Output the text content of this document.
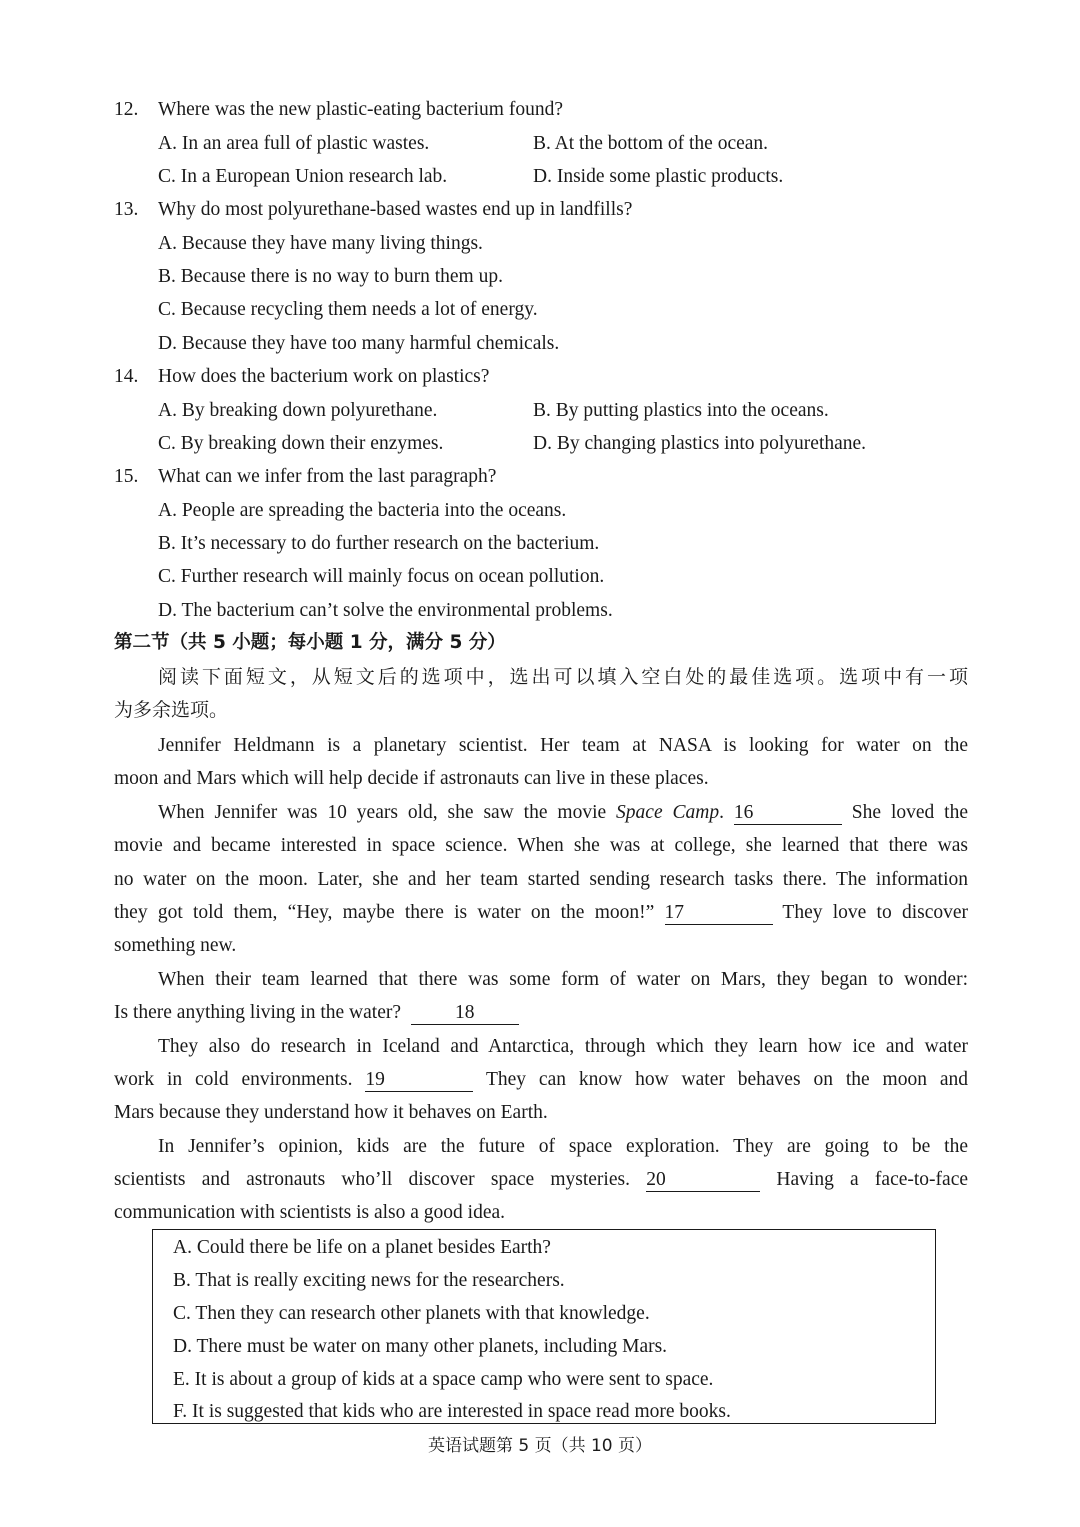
12. Where was the new plastic-eating bacterium found?
A. In an area full of plastic wastes.	B. At the bottom of the ocean.
C. In a European Union research lab.	D. Inside some plastic products.
13. Why do most polyurethane-based wastes end up in landfills?
A. Because they have many living things.
B. Because there is no way to burn them up.
C. Because recycling them needs a lot of energy.
D. Because they have too many harmful chemicals.
14. How does the bacterium work on plastics?
A. By breaking down polyurethane.	B. By putting plastics into the oceans.
C. By breaking down their enzymes.	D. By changing plastics into polyurethane.
15. What can we infer from the last paragraph?
A. People are spreading the bacteria into the oceans.
B. It’s necessary to do further research on the bacterium.
C. Further research will mainly focus on ocean pollution.
D. The bacterium can’t solve the environmental problems.
第二节（共 5 小题；每小题 1 分，满分 5 分）
阅读下面短文，从短文后的选项中，选出可以填入空白处的最佳选项。选项中有一项
为多余选项。
Jennifer Heldmann is a planetary scientist. Her team at NASA is looking for water on the
moon and Mars which will help decide if astronauts can live in these places.
When Jennifer was 10 years old, she saw the movie Space Camp. 16	She loved the
movie and became interested in space science. When she was at college, she learned that there was
no water on the moon. Later, she and her team started sending research tasks there. The information
they got told them, “Hey, maybe there is water on the moon!” 17	They love to discover
something new.
When their team learned that there was some form of water on Mars, they began to wonder:
Is there anything living in the water?	18
They also do research in Iceland and Antarctica, through which they learn how ice and water
work in cold environments. 19	They can know how water behaves on the moon and
Mars because they understand how it behaves on Earth.
In Jennifer’s opinion, kids are the future of space exploration. They are going to be the
scientists and astronauts who’ll discover space mysteries. 20	Having a face-to-face
communication with scientists is also a good idea.
A. Could there be life on a planet besides Earth?
B. That is really exciting news for the researchers.
C. Then they can research other planets with that knowledge.
D. There must be water on many other planets, including Mars.
E. It is about a group of kids at a space camp who were sent to space.
F. It is suggested that kids who are interested in space read more books.
英语试题第 5 页（共 10 页）
